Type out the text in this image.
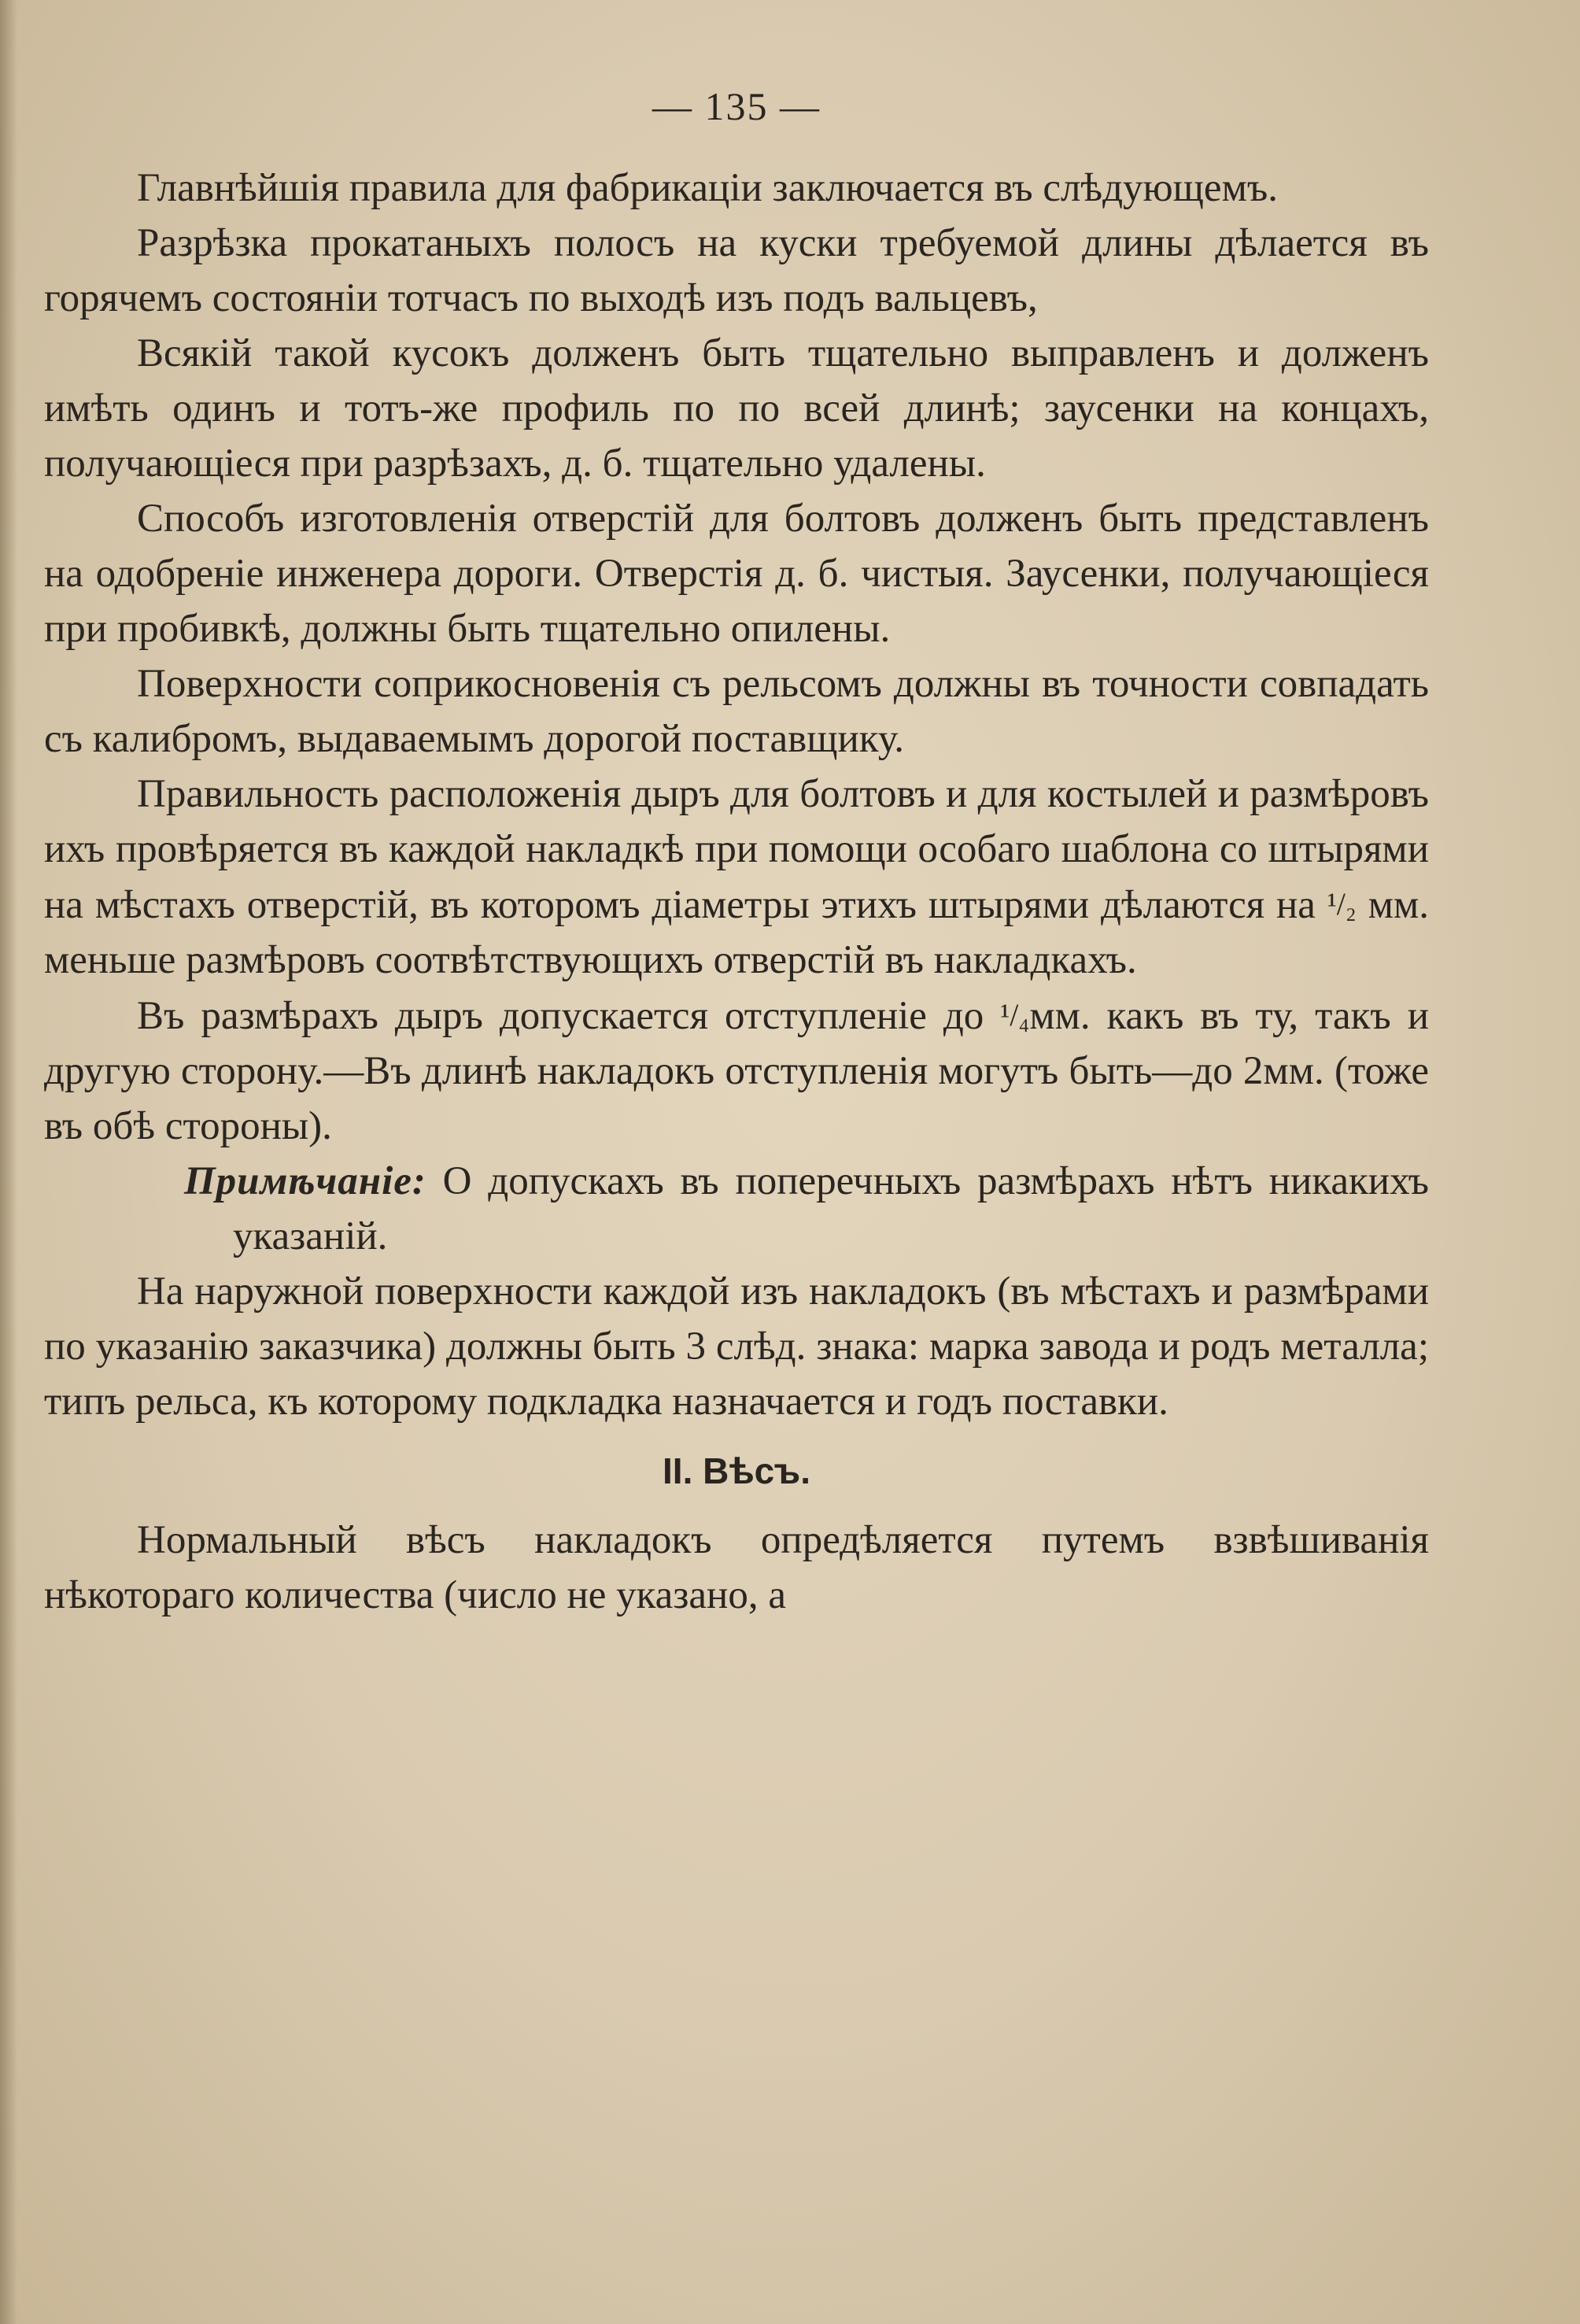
— 135 —

Главнѣйшія правила для фабрикаціи заключается въ слѣдующемъ.

Разрѣзка прокатаныхъ полосъ на куски требуемой длины дѣлается въ горячемъ состояніи тотчасъ по выходѣ изъ подъ вальцевъ,

Всякій такой кусокъ долженъ быть тщательно выправленъ и долженъ имѣть одинъ и тотъ-же профиль по по всей длинѣ; заусенки на концахъ, получающіеся при разрѣзахъ, д. б. тщательно удалены.

Способъ изготовленія отверстій для болтовъ долженъ быть представленъ на одобреніе инженера дороги. Отверстія д. б. чистыя. Заусенки, получающіеся при пробивкѣ, должны быть тщательно опилены.

Поверхности соприкосновенія съ рельсомъ должны въ точности совпадать съ калибромъ, выдаваемымъ дорогой поставщику.

Правильность расположенія дыръ для болтовъ и для костылей и размѣровъ ихъ провѣряется въ каждой накладкѣ при помощи особаго шаблона со штырями на мѣстахъ отверстій, въ которомъ діаметры этихъ штырями дѣлаются на ¹/₂ мм. меньше размѣровъ соотвѣтствующихъ отверстій въ накладкахъ.

Въ размѣрахъ дыръ допускается отступленіе до ¹/₄мм. какъ въ ту, такъ и другую сторону.—Въ длинѣ накладокъ отступленія могутъ быть—до 2мм. (тоже въ обѣ стороны).

Примѣчаніе: О допускахъ въ поперечныхъ размѣрахъ нѣтъ никакихъ указаній.

На наружной поверхности каждой изъ накладокъ (въ мѣстахъ и размѣрами по указанію заказчика) должны быть 3 слѣд. знака: марка завода и родъ металла; типъ рельса, къ которому подкладка назначается и годъ поставки.

II. Вѣсъ.

Нормальный вѣсъ накладокъ опредѣляется путемъ взвѣшиванія нѣкотораго количества (число не указано, а
